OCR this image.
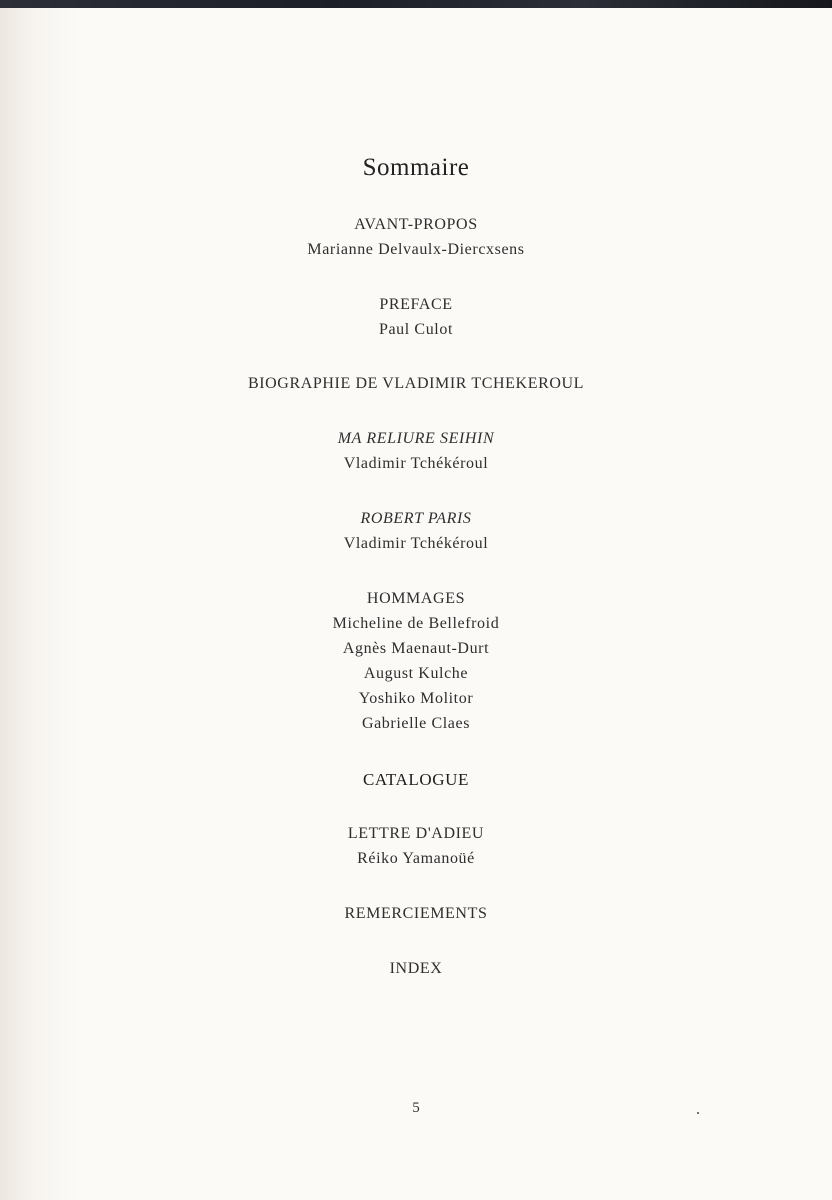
Sommaire
AVANT-PROPOS
Marianne Delvaulx-Diercxsens
PREFACE
Paul Culot
BIOGRAPHIE DE VLADIMIR TCHEKEROUL
MA RELIURE SEIHIN
Vladimir Tchékéroul
ROBERT PARIS
Vladimir Tchékéroul
HOMMAGES
Micheline de Bellefroid
Agnès Maenaut-Durt
August Kulche
Yoshiko Molitor
Gabrielle Claes
CATALOGUE
LETTRE D'ADIEU
Réiko Yamanoüé
REMERCIEMENTS
INDEX
5
